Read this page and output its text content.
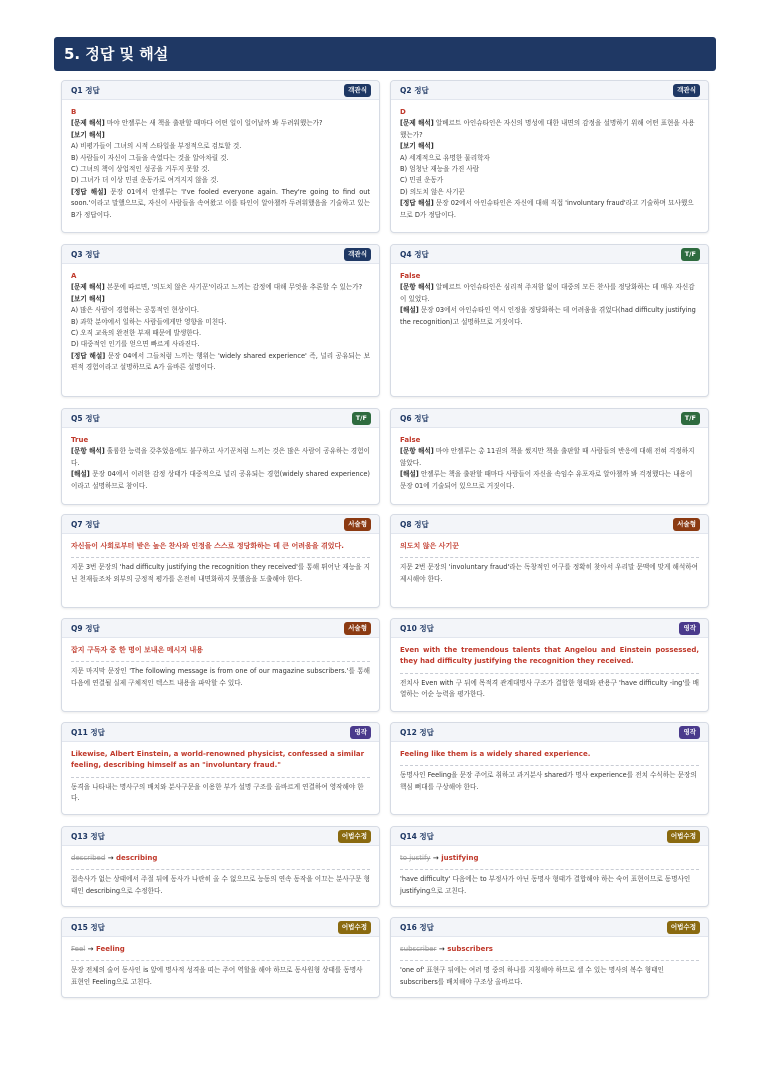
5. 정답 및 해설
Q1 정답	객관식
B
[문제 해석] 마야 안젤루는 새 책을 출판할 때마다 어떤 일이 일어날까 봐 두려워했는가?
[보기 해석]
A) 비평가들이 그녀의 시적 스타일을 부정적으로 검토할 것.
B) 사람들이 자신이 그들을 속였다는 것을 알아차릴 것.
C) 그녀의 책이 상업적인 성공을 거두지 못할 것.
D) 그녀가 더 이상 민권 운동가로 여겨지지 않을 것.
[정답 해설] 문장 01에서 안젤루는 'I've fooled everyone again. They're going to find out soon.'이라고 말했으므로, 자신이 사람들을 속여왔고 이를 타인이 알아챌까 두려워했음을 기술하고 있는 B가 정답이다.
Q2 정답	객관식
D
[문제 해석] 알베르트 아인슈타인은 자신의 명성에 대한 내면의 감정을 설명하기 위해 어떤 표현을 사용했는가?
[보기 해석]
A) 세계적으로 유명한 물리학자
B) 엄청난 재능을 가진 사람
C) 민권 운동가
D) 의도치 않은 사기꾼
[정답 해설] 문장 02에서 아인슈타인은 자신에 대해 직접 'involuntary fraud'라고 기술하며 묘사했으므로 D가 정답이다.
Q3 정답	객관식
A
[문제 해석] 본문에 따르면, '의도치 않은 사기꾼'이라고 느끼는 감정에 대해 무엇을 추론할 수 있는가?
[보기 해석]
A) 많은 사람이 경험하는 공통적인 현상이다.
B) 과학 분야에서 일하는 사람들에게만 영향을 미친다.
C) 오직 교육의 완전한 부재 때문에 발생한다.
D) 대중적인 인기를 얻으면 빠르게 사라진다.
[정답 해설] 문장 04에서 그들처럼 느끼는 행위는 'widely shared experience' 즉, 널리 공유되는 보편적 경험이라고 설명하므로 A가 올바른 설명이다.
Q4 정답	T/F
False
[문항 해석] 알베르트 아인슈타인은 심리적 주저함 없이 대중의 모든 찬사를 정당화하는 데 매우 자신감이 있었다.
[해설] 문장 03에서 아인슈타인 역시 인정을 정당화하는 데 어려움을 겪었다(had difficulty justifying the recognition)고 설명하므로 거짓이다.
Q5 정답	T/F
True
[문항 해석] 훌륭한 능력을 갖추었음에도 불구하고 사기꾼처럼 느끼는 것은 많은 사람이 공유하는 경험이다.
[해설] 문장 04에서 이러한 감정 상태가 대중적으로 널리 공유되는 경험(widely shared experience)이라고 설명하므로 참이다.
Q6 정답	T/F
False
[문항 해석] 마야 안젤루는 총 11권의 책을 썼지만 책을 출판할 때 사람들의 반응에 대해 전혀 걱정하지 않았다.
[해설] 안젤루는 책을 출판할 때마다 사람들이 자신을 속임수 유포자로 알아챌까 봐 걱정했다는 내용이 문장 01에 기술되어 있으므로 거짓이다.
Q7 정답	서술형
자신들이 사회로부터 받은 높은 찬사와 인정을 스스로 정당화하는 데 큰 어려움을 겪었다.
지문 3번 문장의 'had difficulty justifying the recognition they received'를 통해 뛰어난 재능을 지닌 천재들조차 외부의 긍정적 평가를 온전히 내면화하지 못했음을 도출해야 한다.
Q8 정답	서술형
의도치 않은 사기꾼
지문 2번 문장의 'involuntary fraud'라는 독창적인 어구를 정확히 찾아서 우리말 문맥에 맞게 해석하여 제시해야 한다.
Q9 정답	서술형
잡지 구독자 중 한 명이 보내온 메시지 내용
지문 마지막 문장인 'The following message is from one of our magazine subscribers.'를 통해 다음에 연결될 실제 구체적인 텍스트 내용을 파악할 수 있다.
Q10 정답	영작
Even with the tremendous talents that Angelou and Einstein possessed, they had difficulty justifying the recognition they received.
전치사 Even with 구 뒤에 목적격 관계대명사 구조가 결합한 형태와 관용구 'have difficulty -ing'를 배열하는 어순 능력을 평가한다.
Q11 정답	영작
Likewise, Albert Einstein, a world-renowned physicist, confessed a similar feeling, describing himself as an "involuntary fraud."
동격을 나타내는 명사구의 배치와 분사구문을 이용한 부가 설명 구조를 올바르게 연결하여 영작해야 한다.
Q12 정답	영작
Feeling like them is a widely shared experience.
동명사인 Feeling을 문장 주어로 취하고 과거분사 shared가 명사 experience를 전치 수식하는 문장의 핵심 뼈대를 구상해야 한다.
Q13 정답	어법수정
described → describing
접속사가 없는 상태에서 주절 뒤에 동사가 나란히 올 수 없으므로 능동의 연속 동작을 이끄는 분사구문 형태인 describing으로 수정한다.
Q14 정답	어법수정
to justify → justifying
'have difficulty' 다음에는 to 부정사가 아닌 동명사 형태가 결합해야 하는 숙어 표현이므로 동명사인 justifying으로 고친다.
Q15 정답	어법수정
Feel → Feeling
문장 전체의 술어 동사인 is 앞에 명사적 성격을 띠는 주어 역할을 해야 하므로 동사원형 상태를 동명사 표현인 Feeling으로 고친다.
Q16 정답	어법수정
subscriber → subscribers
'one of' 표현구 뒤에는 여러 명 중의 하나를 지칭해야 하므로 셀 수 있는 명사의 복수 형태인 subscribers를 배치해야 구조상 올바르다.
